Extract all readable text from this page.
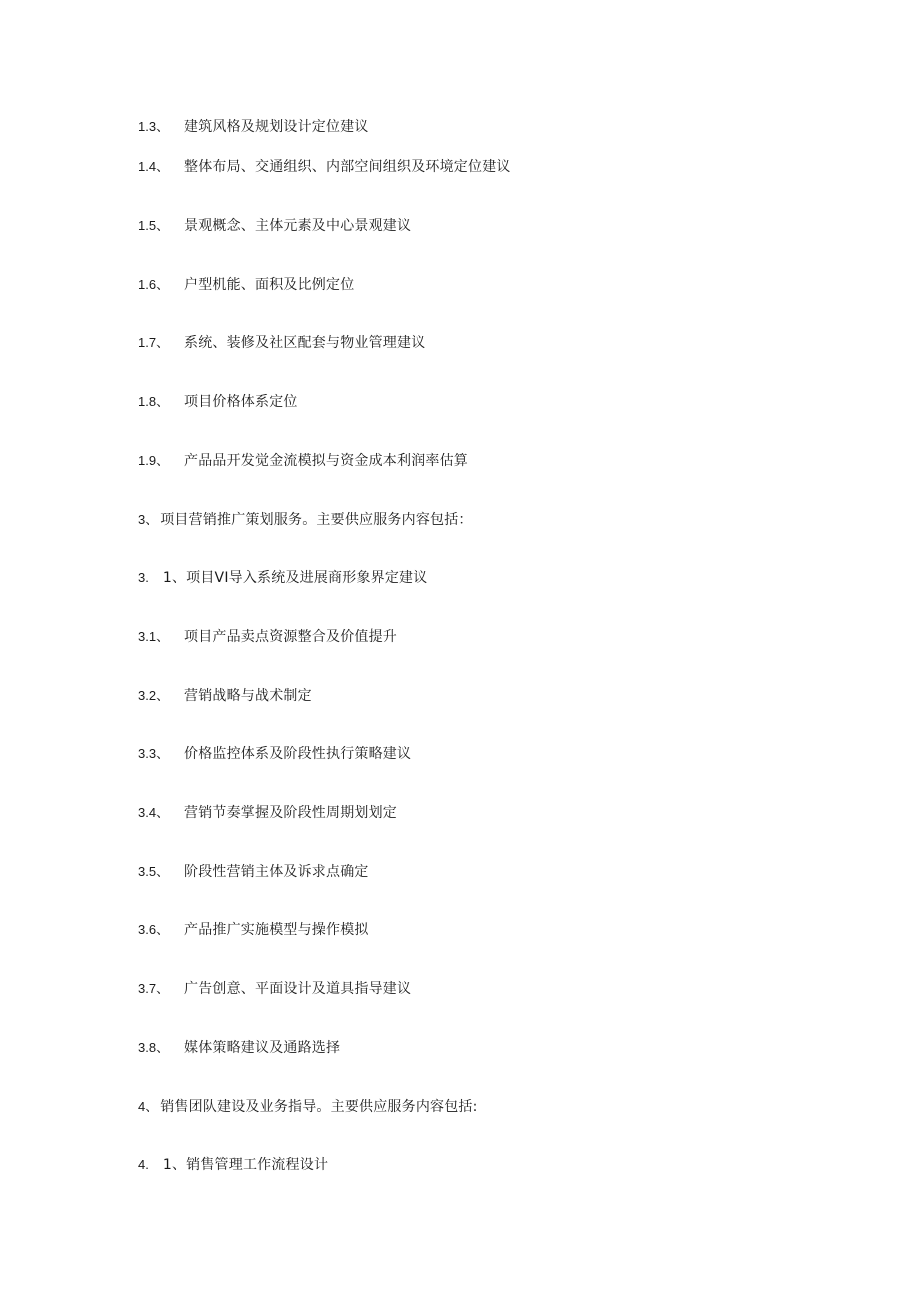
1.3、 建筑风格及规划设计定位建议
1.4、 整体布局、交通组织、内部空间组织及环境定位建议
1.5、 景观概念、主体元素及中心景观建议
1.6、 户型机能、面积及比例定位
1.7、 系统、装修及社区配套与物业管理建议
1.8、 项目价格体系定位
1.9、 产品品开发觉金流模拟与资金成本利润率估算
3、 项目营销推广策划服务。主要供应服务内容包括：
3. 1、项目VI导入系统及进展商形象界定建议
3.1、 项目产品卖点资源整合及价值提升
3.2、 营销战略与战术制定
3.3、 价格监控体系及阶段性执行策略建议
3.4、 营销节奏掌握及阶段性周期划划定
3.5、 阶段性营销主体及诉求点确定
3.6、 产品推广实施模型与操作模拟
3.7、 广告创意、平面设计及道具指导建议
3.8、 媒体策略建议及通路选择
4、 销售团队建设及业务指导。主要供应服务内容包括:
4. 1、销售管理工作流程设计
